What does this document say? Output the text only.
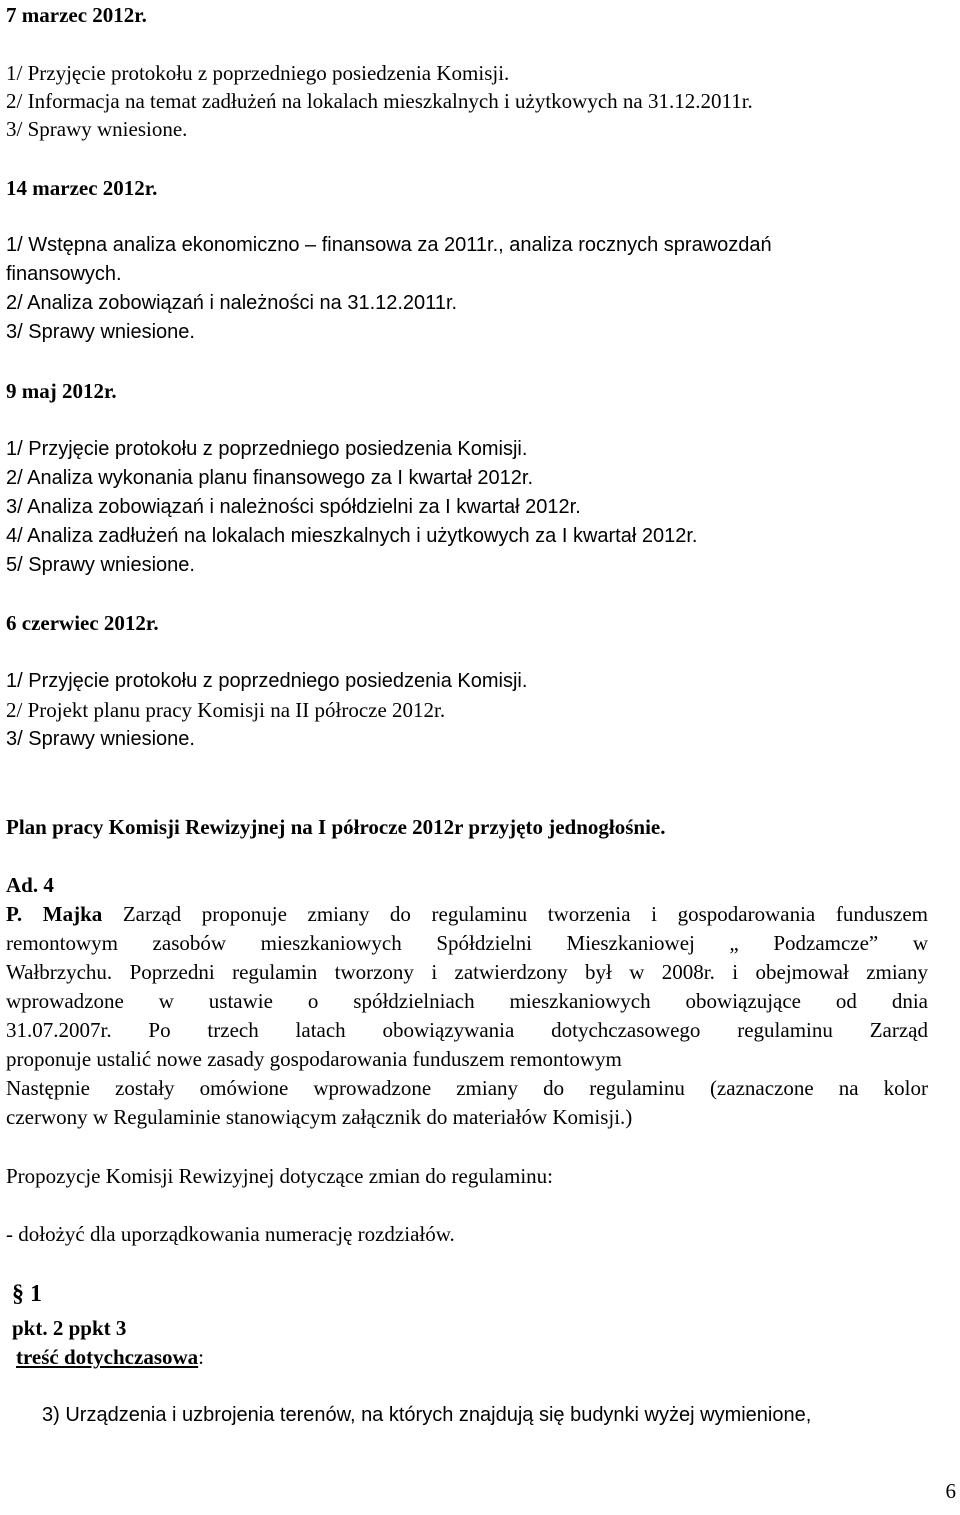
7 marzec 2012r.
1/ Przyjęcie protokołu z poprzedniego posiedzenia Komisji.
2/ Informacja na temat zadłużeń na lokalach mieszkalnych i użytkowych na 31.12.2011r.
3/ Sprawy wniesione.
14 marzec 2012r.
1/ Wstępna analiza ekonomiczno – finansowa za 2011r., analiza rocznych sprawozdań
finansowych.
2/ Analiza zobowiązań i należności na 31.12.2011r.
3/ Sprawy wniesione.
9 maj 2012r.
1/ Przyjęcie protokołu z poprzedniego posiedzenia Komisji.
2/ Analiza wykonania planu finansowego za I kwartał 2012r.
3/ Analiza zobowiązań i należności spółdzielni za I kwartał 2012r.
4/ Analiza zadłużeń na lokalach mieszkalnych i użytkowych za I kwartał 2012r.
5/ Sprawy wniesione.
6 czerwiec 2012r.
1/ Przyjęcie protokołu z poprzedniego posiedzenia Komisji.
2/ Projekt planu pracy Komisji na II półrocze 2012r.
3/ Sprawy wniesione.
Plan pracy Komisji Rewizyjnej na I półrocze 2012r przyjęto jednogłośnie.
Ad. 4
P. Majka Zarząd proponuje zmiany do regulaminu tworzenia i gospodarowania funduszem
remontowym zasobów mieszkaniowych Spółdzielni Mieszkaniowej „ Podzamcze” w
Wałbrzychu. Poprzedni regulamin tworzony i zatwierdzony był w 2008r. i obejmował zmiany
wprowadzone w ustawie o spółdzielniach mieszkaniowych obowiązujące od dnia
31.07.2007r. Po trzech latach obowiązywania dotychczasowego regulaminu Zarząd
proponuje ustalić nowe zasady gospodarowania funduszem remontowym
Następnie zostały omówione wprowadzone zmiany do regulaminu (zaznaczone na kolor
czerwony w Regulaminie stanowiącym załącznik do materiałów Komisji.)
Propozycje Komisji Rewizyjnej dotyczące zmian do regulaminu:
- dołożyć dla uporządkowania numerację rozdziałów.
§ 1
pkt. 2 ppkt 3
treść dotychczasowa:
3) Urządzenia i uzbrojenia terenów, na których znajdują się budynki wyżej wymienione,
6
